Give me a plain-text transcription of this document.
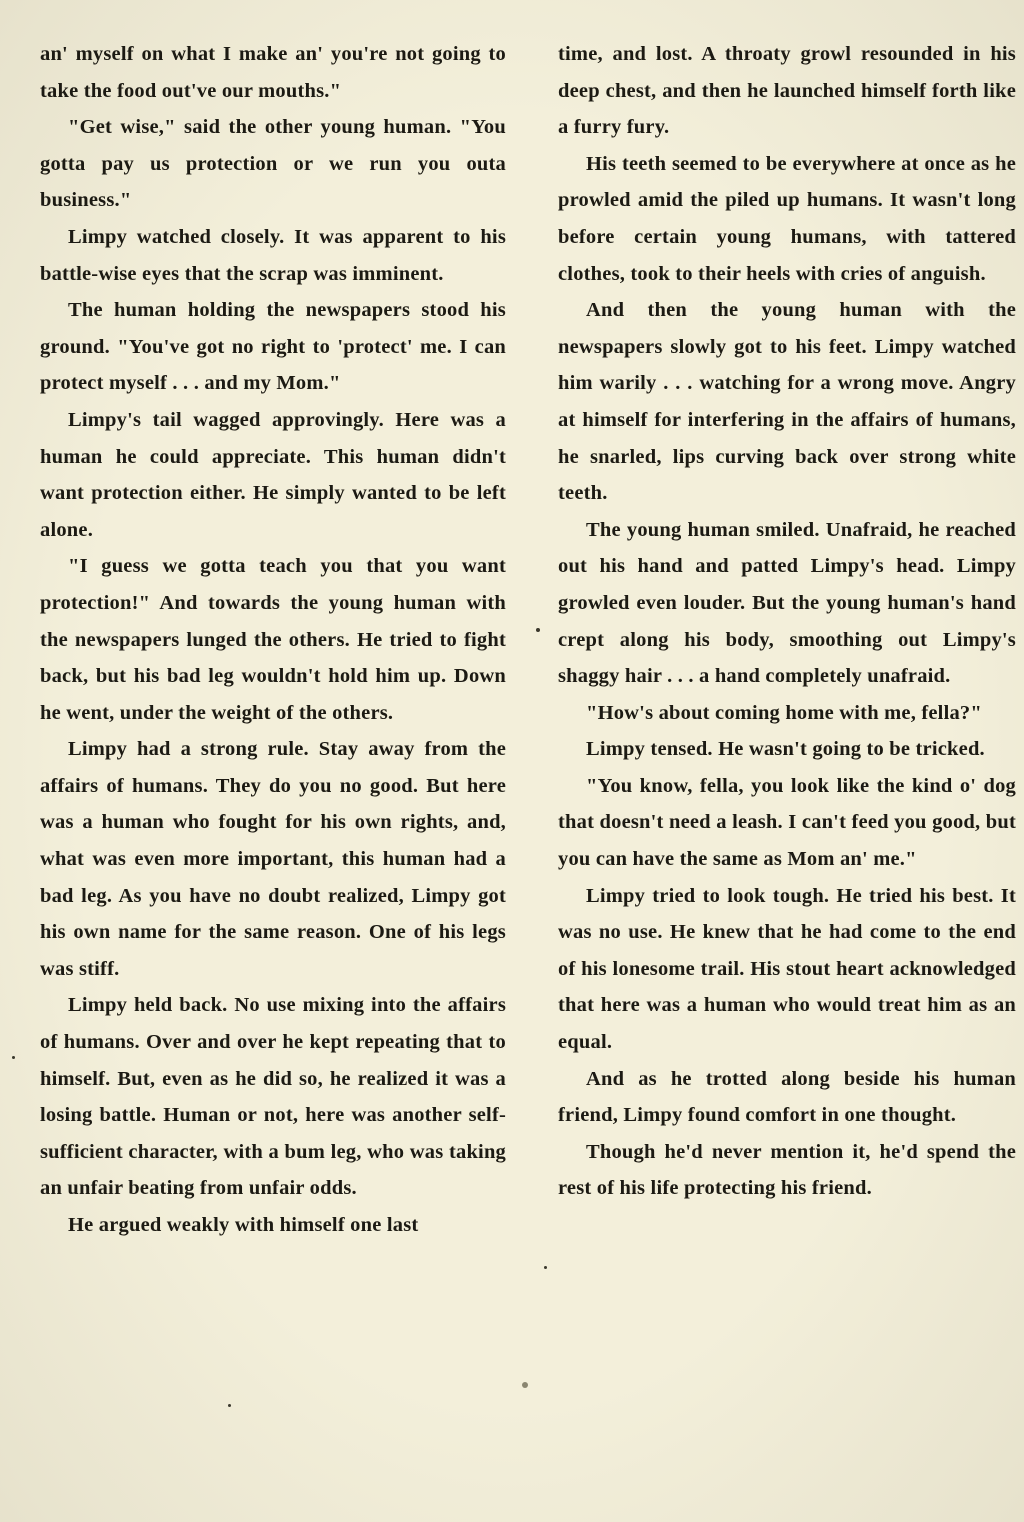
an' myself on what I make an' you're not going to take the food out've our mouths."

"Get wise," said the other young human. "You gotta pay us protection or we run you outa business."

Limpy watched closely. It was apparent to his battle-wise eyes that the scrap was imminent.

The human holding the newspapers stood his ground. "You've got no right to 'protect' me. I can protect myself . . . and my Mom."

Limpy's tail wagged approvingly. Here was a human he could appreciate. This human didn't want protection either. He simply wanted to be left alone.

"I guess we gotta teach you that you want protection!" And towards the young human with the newspapers lunged the others. He tried to fight back, but his bad leg wouldn't hold him up. Down he went, under the weight of the others.

Limpy had a strong rule. Stay away from the affairs of humans. They do you no good. But here was a human who fought for his own rights, and, what was even more important, this human had a bad leg. As you have no doubt realized, Limpy got his own name for the same reason. One of his legs was stiff.

Limpy held back. No use mixing into the affairs of humans. Over and over he kept repeating that to himself. But, even as he did so, he realized it was a losing battle. Human or not, here was another self-sufficient character, with a bum leg, who was taking an unfair beating from unfair odds.

He argued weakly with himself one last

time, and lost. A throaty growl resounded in his deep chest, and then he launched himself forth like a furry fury.

His teeth seemed to be everywhere at once as he prowled amid the piled up humans. It wasn't long before certain young humans, with tattered clothes, took to their heels with cries of anguish.

And then the young human with the newspapers slowly got to his feet. Limpy watched him warily . . . watching for a wrong move. Angry at himself for interfering in the affairs of humans, he snarled, lips curving back over strong white teeth.

The young human smiled. Unafraid, he reached out his hand and patted Limpy's head. Limpy growled even louder. But the young human's hand crept along his body, smoothing out Limpy's shaggy hair . . . a hand completely unafraid.

"How's about coming home with me, fella?"

Limpy tensed. He wasn't going to be tricked.

"You know, fella, you look like the kind o' dog that doesn't need a leash. I can't feed you good, but you can have the same as Mom an' me."

Limpy tried to look tough. He tried his best. It was no use. He knew that he had come to the end of his lonesome trail. His stout heart acknowledged that here was a human who would treat him as an equal.

And as he trotted along beside his human friend, Limpy found comfort in one thought.

Though he'd never mention it, he'd spend the rest of his life protecting his friend.
